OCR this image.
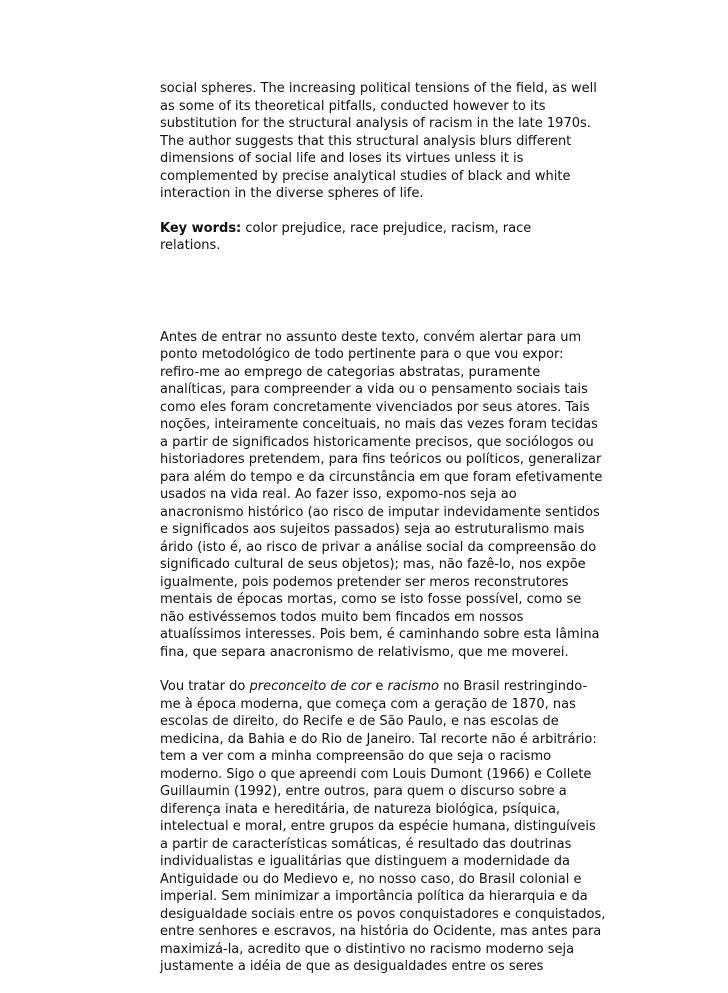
social spheres. The increasing political tensions of the field, as well
as some of its theoretical pitfalls, conducted however to its
substitution for the structural analysis of racism in the late 1970s.
The author suggests that this structural analysis blurs different
dimensions of social life and loses its virtues unless it is
complemented by precise analytical studies of black and white
interaction in the diverse spheres of life.

Key words: color prejudice, race prejudice, racism, race relations.

Antes de entrar no assunto deste texto, convém alertar para um
ponto metodológico de todo pertinente para o que vou expor:
refiro-me ao emprego de categorias abstratas, puramente
analíticas, para compreender a vida ou o pensamento sociais tais
como eles foram concretamente vivenciados por seus atores. Tais
noções, inteiramente conceituais, no mais das vezes foram tecidas
a partir de significados historicamente precisos, que sociólogos ou
historiadores pretendem, para fins teóricos ou políticos, generalizar
para além do tempo e da circunstância em que foram efetivamente
usados na vida real. Ao fazer isso, expomo-nos seja ao
anacronismo histórico (ao risco de imputar indevidamente sentidos
e significados aos sujeitos passados) seja ao estruturalismo mais
árido (isto é, ao risco de privar a análise social da compreensão do
significado cultural de seus objetos); mas, não fazê-lo, nos expõe
igualmente, pois podemos pretender ser meros reconstrutores
mentais de épocas mortas, como se isto fosse possível, como se
não estivéssemos todos muito bem fincados em nossos
atualíssimos interesses. Pois bem, é caminhando sobre esta lâmina
fina, que separa anacronismo de relativismo, que me moverei.
Vou tratar do preconceito de cor e racismo no Brasil restringindo-
me à época moderna, que começa com a geração de 1870, nas
escolas de direito, do Recife e de São Paulo, e nas escolas de
medicina, da Bahia e do Rio de Janeiro. Tal recorte não é arbitrário:
tem a ver com a minha compreensão do que seja o racismo
moderno. Sigo o que apreendi com Louis Dumont (1966) e Collete
Guillaumin (1992), entre outros, para quem o discurso sobre a
diferença inata e hereditária, de natureza biológica, psíquica,
intelectual e moral, entre grupos da espécie humana, distinguíveis
a partir de características somáticas, é resultado das doutrinas
individualistas e igualitárias que distinguem a modernidade da
Antiguidade ou do Medievo e, no nosso caso, do Brasil colonial e
imperial. Sem minimizar a importância política da hierarquia e da
desigualdade sociais entre os povos conquistadores e conquistados,
entre senhores e escravos, na história do Ocidente, mas antes para
maximizá-la, acredito que o distintivo no racismo moderno seja
justamente a idéia de que as desigualdades entre os seres
